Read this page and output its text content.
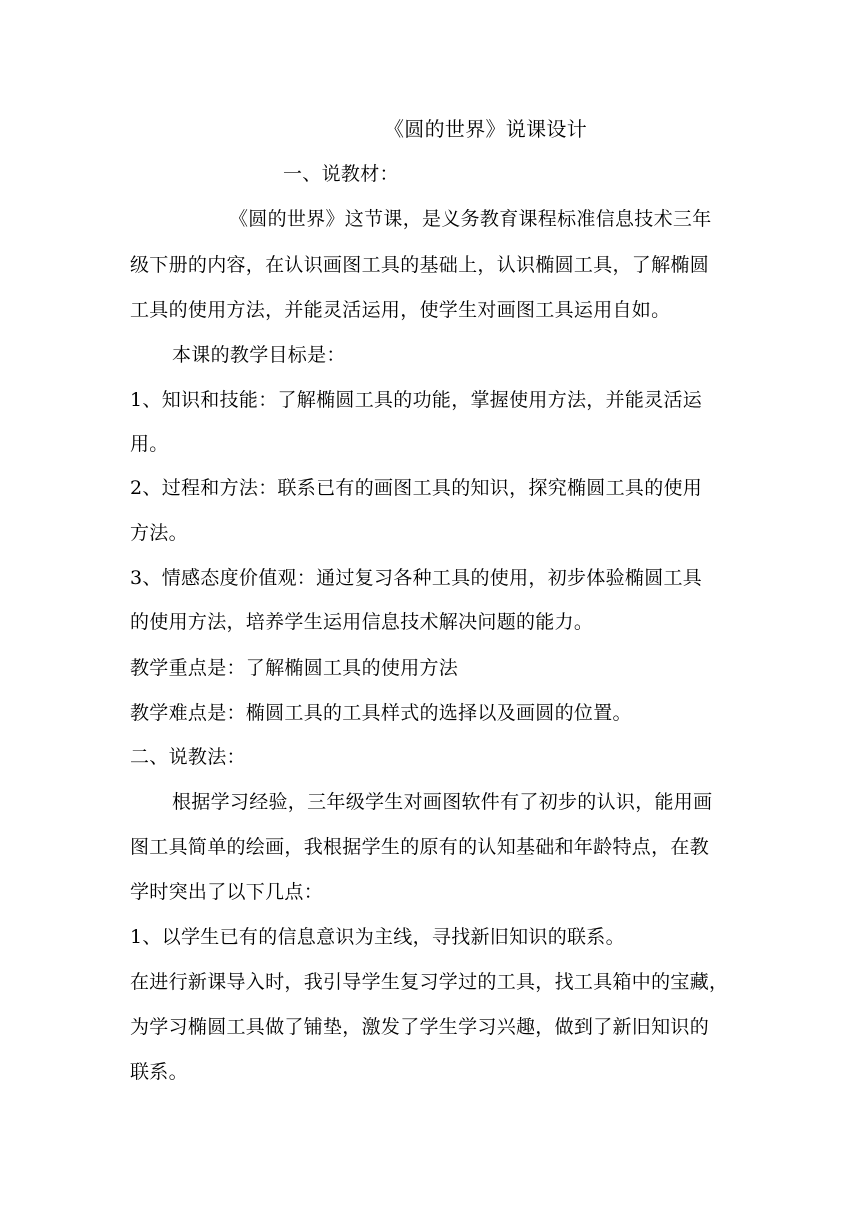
《圆的世界》说课设计
一、说教材：
《圆的世界》这节课，是义务教育课程标准信息技术三年
级下册的内容，在认识画图工具的基础上，认识椭圆工具，了解椭圆
工具的使用方法，并能灵活运用，使学生对画图工具运用自如。
本课的教学目标是：
1、知识和技能：了解椭圆工具的功能，掌握使用方法，并能灵活运
用。
2、过程和方法：联系已有的画图工具的知识，探究椭圆工具的使用
方法。
3、情感态度价值观：通过复习各种工具的使用，初步体验椭圆工具
的使用方法，培养学生运用信息技术解决问题的能力。
教学重点是：了解椭圆工具的使用方法
教学难点是：椭圆工具的工具样式的选择以及画圆的位置。
二、说教法：
根据学习经验，三年级学生对画图软件有了初步的认识，能用画
图工具简单的绘画，我根据学生的原有的认知基础和年龄特点，在教
学时突出了以下几点：
1、以学生已有的信息意识为主线，寻找新旧知识的联系。
在进行新课导入时，我引导学生复习学过的工具，找工具箱中的宝藏，
为学习椭圆工具做了铺垫，激发了学生学习兴趣，做到了新旧知识的
联系。
